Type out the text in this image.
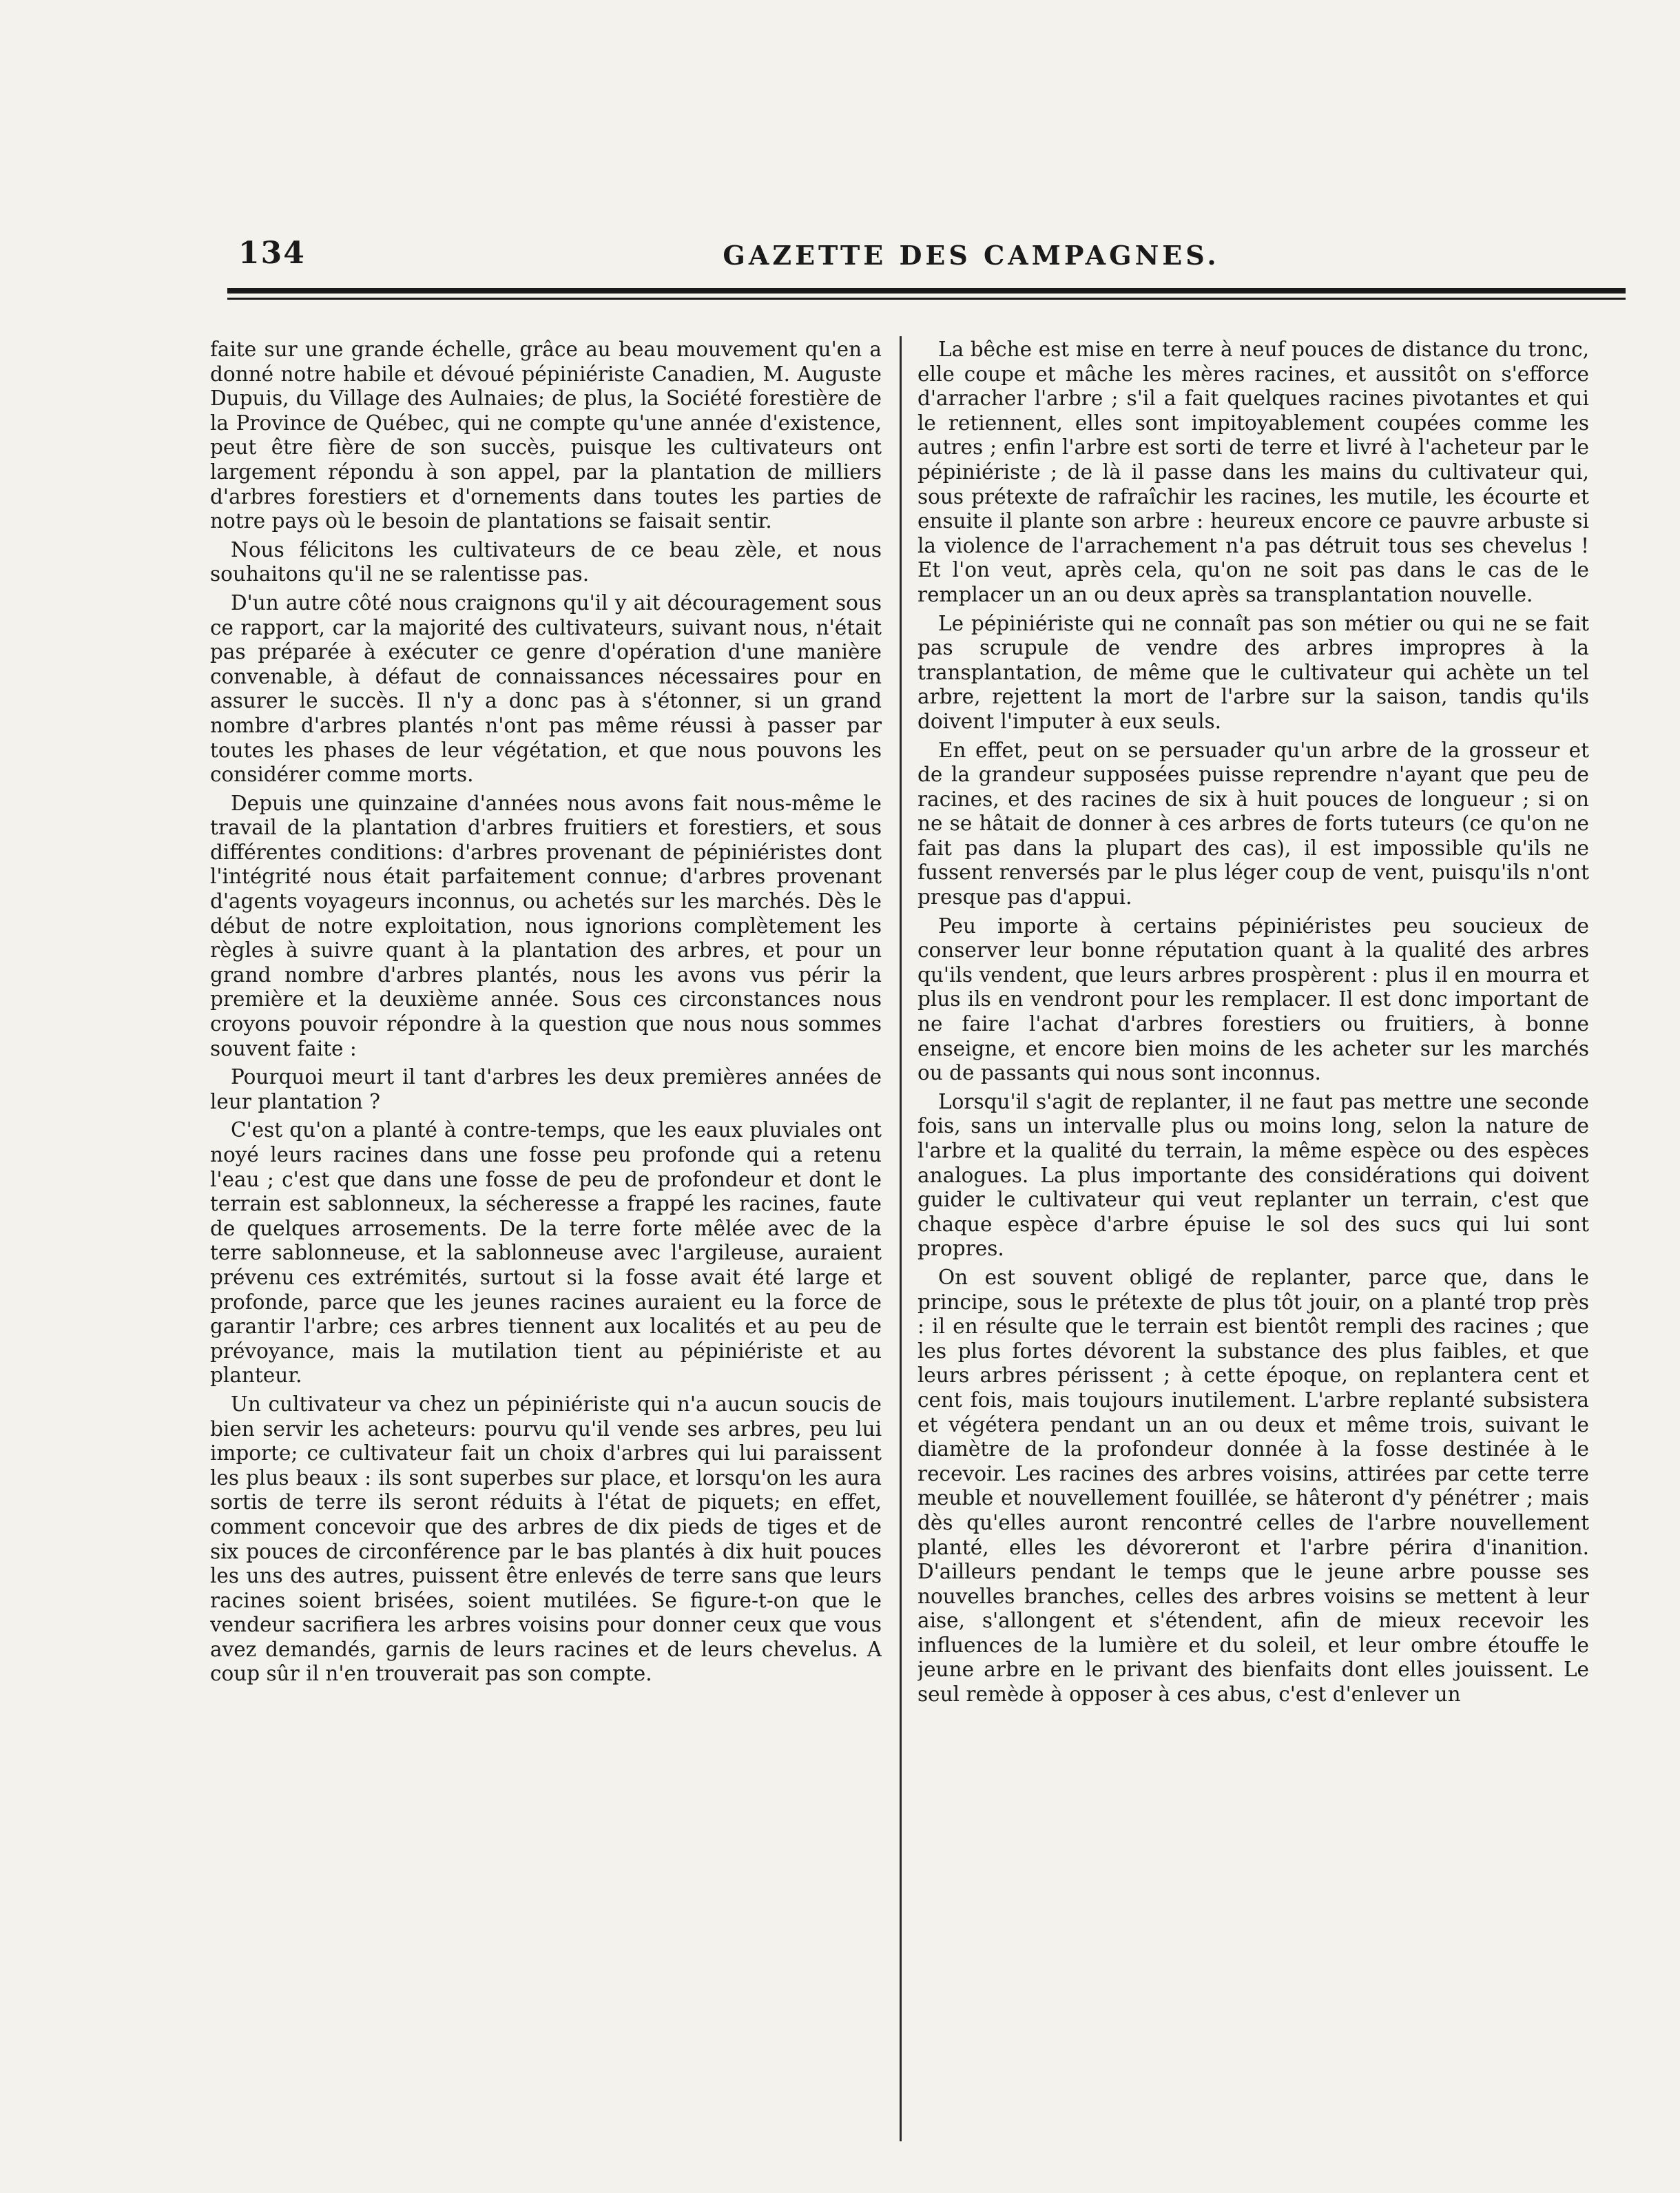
134	GAZETTE DES CAMPAGNES.

faite sur une grande échelle, grâce au beau mouvement qu'en a donné notre habile et dévoué pépiniériste Canadien, M. Auguste Dupuis, du Village des Aulnaies; de plus, la Société forestière de la Province de Québec, qui ne compte qu'une année d'existence, peut être fière de son succès, puisque les cultivateurs ont largement répondu à son appel, par la plantation de milliers d'arbres forestiers et d'ornements dans toutes les parties de notre pays où le besoin de plantations se faisait sentir.

Nous félicitons les cultivateurs de ce beau zèle, et nous souhaitons qu'il ne se ralentisse pas.

D'un autre côté nous craignons qu'il y ait découragement sous ce rapport, car la majorité des cultivateurs, suivant nous, n'était pas préparée à exécuter ce genre d'opération d'une manière convenable, à défaut de connaissances nécessaires pour en assurer le succès. Il n'y a donc pas à s'étonner, si un grand nombre d'arbres plantés n'ont pas même réussi à passer par toutes les phases de leur végétation, et que nous pouvons les considérer comme morts.

Depuis une quinzaine d'années nous avons fait nous-même le travail de la plantation d'arbres fruitiers et forestiers, et sous différentes conditions: d'arbres provenant de pépiniéristes dont l'intégrité nous était parfaitement connue; d'arbres provenant d'agents voyageurs inconnus, ou achetés sur les marchés. Dès le début de notre exploitation, nous ignorions complètement les règles à suivre quant à la plantation des arbres, et pour un grand nombre d'arbres plantés, nous les avons vus périr la première et la deuxième année. Sous ces circonstances nous croyons pouvoir répondre à la question que nous nous sommes souvent faite :

Pourquoi meurt il tant d'arbres les deux premières années de leur plantation ?

C'est qu'on a planté à contre-temps, que les eaux pluviales ont noyé leurs racines dans une fosse peu profonde qui a retenu l'eau ; c'est que dans une fosse de peu de profondeur et dont le terrain est sablonneux, la sécheresse a frappé les racines, faute de quelques arrosements. De la terre forte mêlée avec de la terre sablonneuse, et la sablonneuse avec l'argileuse, auraient prévenu ces extrémités, surtout si la fosse avait été large et profonde, parce que les jeunes racines auraient eu la force de garantir l'arbre; ces arbres tiennent aux localités et au peu de prévoyance, mais la mutilation tient au pépiniériste et au planteur.

Un cultivateur va chez un pépiniériste qui n'a aucun soucis de bien servir les acheteurs: pourvu qu'il vende ses arbres, peu lui importe; ce cultivateur fait un choix d'arbres qui lui paraissent les plus beaux : ils sont superbes sur place, et lorsqu'on les aura sortis de terre ils seront réduits à l'état de piquets; en effet, comment concevoir que des arbres de dix pieds de tiges et de six pouces de circonférence par le bas plantés à dix huit pouces les uns des autres, puissent être enlevés de terre sans que leurs racines soient brisées, soient mutilées. Se figure-t-on que le vendeur sacrifiera les arbres voisins pour donner ceux que vous avez demandés, garnis de leurs racines et de leurs chevelus. A coup sûr il n'en trouverait pas son compte.

La bêche est mise en terre à neuf pouces de distance du tronc, elle coupe et mâche les mères racines, et aussitôt on s'efforce d'arracher l'arbre ; s'il a fait quelques racines pivotantes et qui le retiennent, elles sont impitoyablement coupées comme les autres ; enfin l'arbre est sorti de terre et livré à l'acheteur par le pépiniériste ; de là il passe dans les mains du cultivateur qui, sous prétexte de rafraîchir les racines, les mutile, les écourte et ensuite il plante son arbre : heureux encore ce pauvre arbuste si la violence de l'arrachement n'a pas détruit tous ses chevelus ! Et l'on veut, après cela, qu'on ne soit pas dans le cas de le remplacer un an ou deux après sa transplantation nouvelle.

Le pépiniériste qui ne connaît pas son métier ou qui ne se fait pas scrupule de vendre des arbres impropres à la transplantation, de même que le cultivateur qui achète un tel arbre, rejettent la mort de l'arbre sur la saison, tandis qu'ils doivent l'imputer à eux seuls.

En effet, peut on se persuader qu'un arbre de la grosseur et de la grandeur supposées puisse reprendre n'ayant que peu de racines, et des racines de six à huit pouces de longueur ; si on ne se hâtait de donner à ces arbres de forts tuteurs (ce qu'on ne fait pas dans la plupart des cas), il est impossible qu'ils ne fussent renversés par le plus léger coup de vent, puisqu'ils n'ont presque pas d'appui.

Peu importe à certains pépiniéristes peu soucieux de conserver leur bonne réputation quant à la qualité des arbres qu'ils vendent, que leurs arbres prospèrent : plus il en mourra et plus ils en vendront pour les remplacer. Il est donc important de ne faire l'achat d'arbres forestiers ou fruitiers, à bonne enseigne, et encore bien moins de les acheter sur les marchés ou de passants qui nous sont inconnus.

Lorsqu'il s'agit de replanter, il ne faut pas mettre une seconde fois, sans un intervalle plus ou moins long, selon la nature de l'arbre et la qualité du terrain, la même espèce ou des espèces analogues. La plus importante des considérations qui doivent guider le cultivateur qui veut replanter un terrain, c'est que chaque espèce d'arbre épuise le sol des sucs qui lui sont propres.

On est souvent obligé de replanter, parce que, dans le principe, sous le prétexte de plus tôt jouir, on a planté trop près : il en résulte que le terrain est bientôt rempli des racines ; que les plus fortes dévorent la substance des plus faibles, et que leurs arbres périssent ; à cette époque, on replantera cent et cent fois, mais toujours inutilement. L'arbre replanté subsistera et végétera pendant un an ou deux et même trois, suivant le diamètre de la profondeur donnée à la fosse destinée à le recevoir. Les racines des arbres voisins, attirées par cette terre meuble et nouvellement fouillée, se hâteront d'y pénétrer ; mais dès qu'elles auront rencontré celles de l'arbre nouvellement planté, elles les dévoreront et l'arbre périra d'inanition. D'ailleurs pendant le temps que le jeune arbre pousse ses nouvelles branches, celles des arbres voisins se mettent à leur aise, s'allongent et s'étendent, afin de mieux recevoir les influences de la lumière et du soleil, et leur ombre étouffe le jeune arbre en le privant des bienfaits dont elles jouissent. Le seul remède à opposer à ces abus, c'est d'enlever un
